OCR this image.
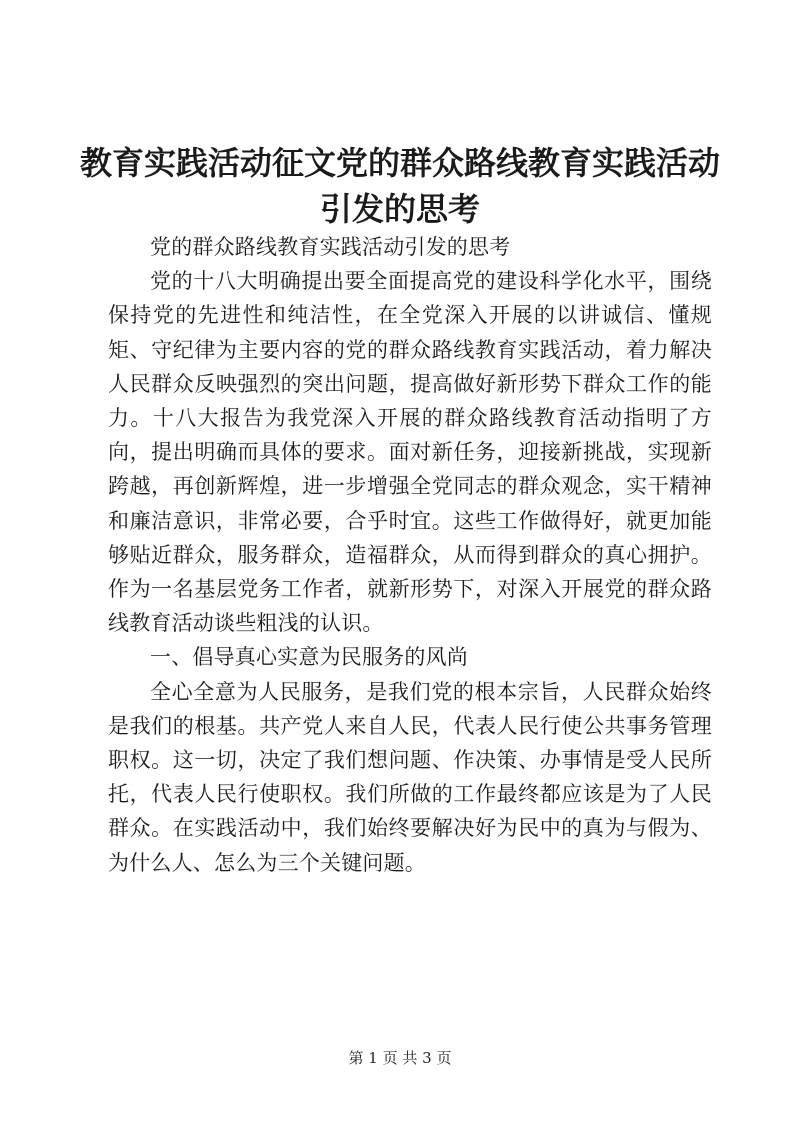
教育实践活动征文党的群众路线教育实践活动引发的思考

党的群众路线教育实践活动引发的思考

党的十八大明确提出要全面提高党的建设科学化水平，围绕保持党的先进性和纯洁性，在全党深入开展的以讲诚信、懂规矩、守纪律为主要内容的党的群众路线教育实践活动，着力解决人民群众反映强烈的突出问题，提高做好新形势下群众工作的能力。十八大报告为我党深入开展的群众路线教育活动指明了方向，提出明确而具体的要求。面对新任务，迎接新挑战，实现新跨越，再创新辉煌，进一步增强全党同志的群众观念，实干精神和廉洁意识，非常必要，合乎时宜。这些工作做得好，就更加能够贴近群众，服务群众，造福群众，从而得到群众的真心拥护。作为一名基层党务工作者，就新形势下，对深入开展党的群众路线教育活动谈些粗浅的认识。

一、倡导真心实意为民服务的风尚

全心全意为人民服务，是我们党的根本宗旨，人民群众始终是我们的根基。共产党人来自人民，代表人民行使公共事务管理职权。这一切，决定了我们想问题、作决策、办事情是受人民所托，代表人民行使职权。我们所做的工作最终都应该是为了人民群众。在实践活动中，我们始终要解决好为民中的真为与假为、为什么人、怎么为三个关键问题。

第 1 页 共 3 页
